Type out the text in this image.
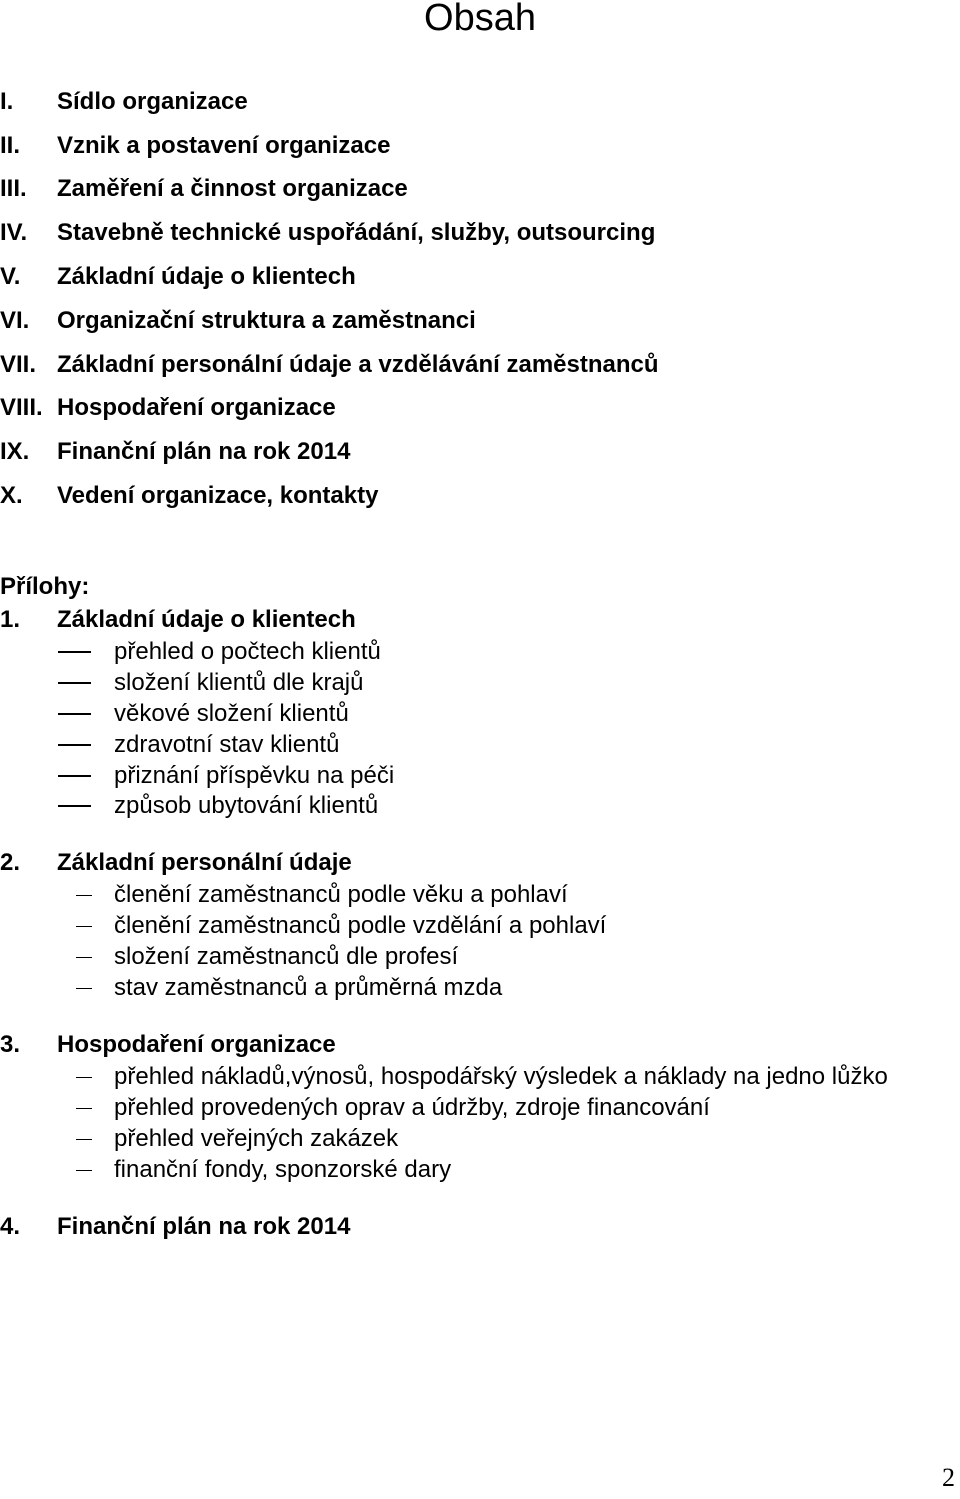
Obsah
I.	Sídlo organizace
II.	Vznik a postavení organizace
III.	Zaměření a činnost organizace
IV.	Stavebně technické uspořádání, služby, outsourcing
V.	Základní údaje o klientech
VI.	Organizační struktura a zaměstnanci
VII. Základní personální údaje a vzdělávání zaměstnanců
VIII. Hospodaření organizace
IX.	Finanční plán na rok 2014
X.	Vedení organizace, kontakty
Přílohy:
1. Základní údaje o klientech
přehled o počtech klientů
složení klientů dle krajů
věkové složení klientů
zdravotní stav klientů
přiznání příspěvku na péči
způsob ubytování klientů
2. Základní personální údaje
členění zaměstnanců podle věku a pohlaví
členění zaměstnanců podle vzdělání a pohlaví
složení zaměstnanců dle profesí
stav zaměstnanců a průměrná mzda
3. Hospodaření organizace
přehled nákladů,výnosů, hospodářský výsledek a náklady na jedno lůžko
přehled provedených oprav a údržby, zdroje financování
přehled veřejných zakázek
finanční fondy, sponzorské dary
4. Finanční plán na rok 2014
2
